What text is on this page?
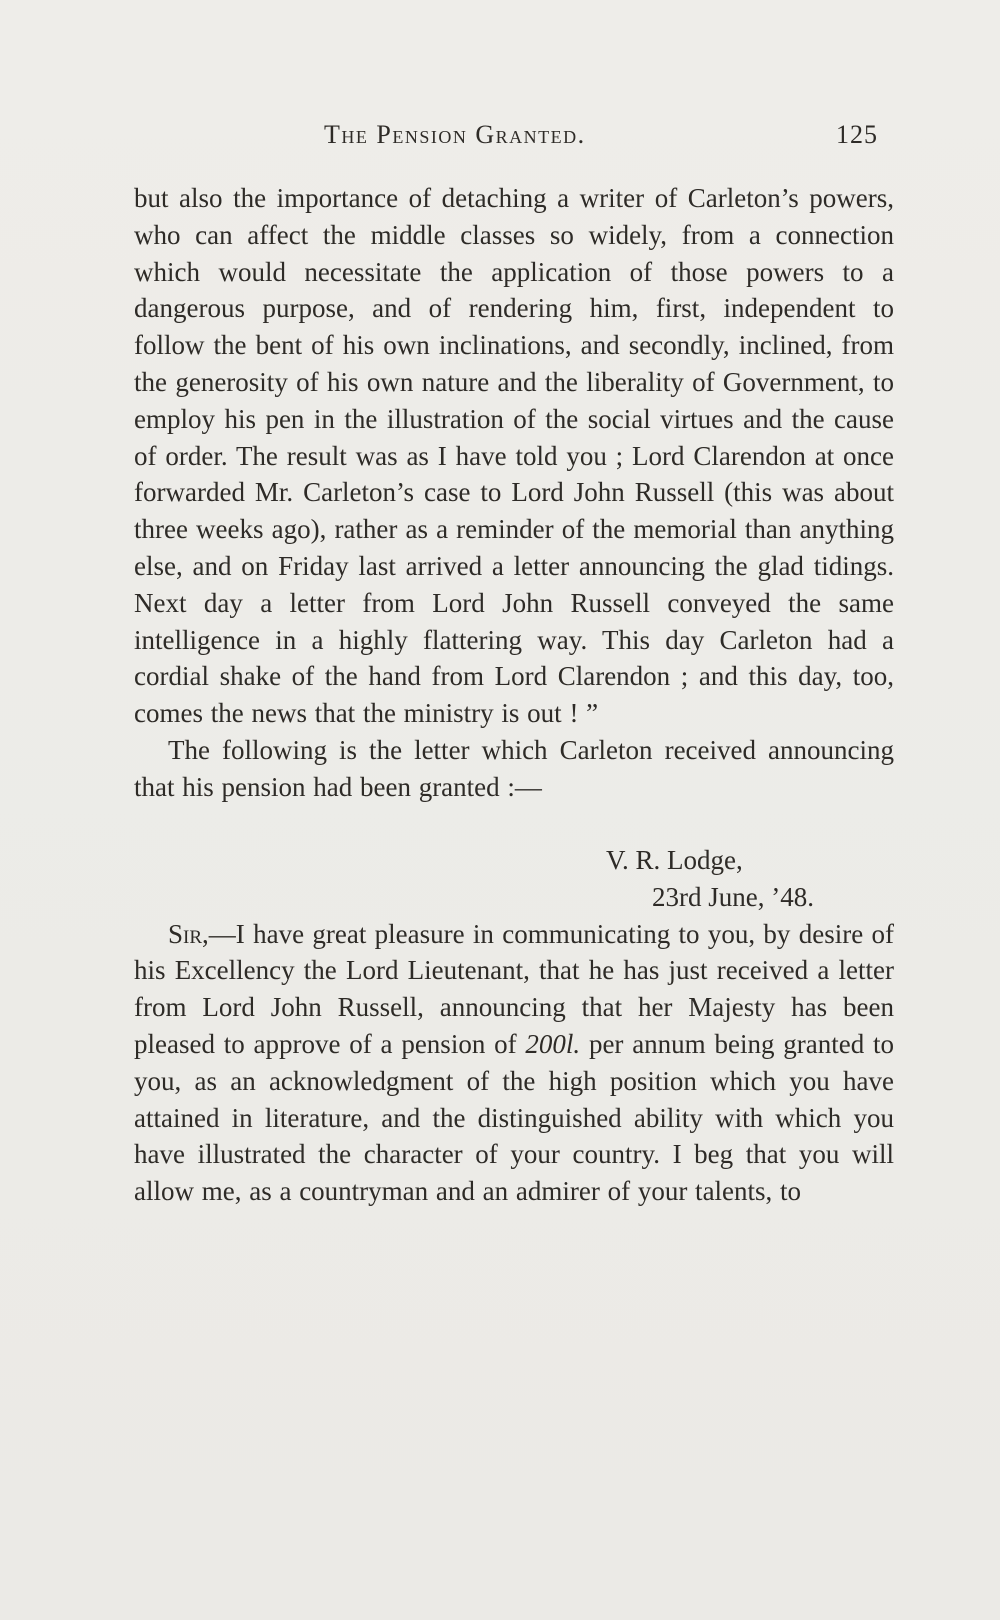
The Pension Granted.	125

but also the importance of detaching a writer of Carleton’s powers, who can affect the middle classes so widely, from a connection which would necessitate the application of those powers to a dangerous purpose, and of rendering him, first, independent to follow the bent of his own inclinations, and secondly, inclined, from the generosity of his own nature and the liberality of Government, to employ his pen in the illustration of the social virtues and the cause of order. The result was as I have told you ; Lord Clarendon at once forwarded Mr. Carleton’s case to Lord John Russell (this was about three weeks ago), rather as a reminder of the memorial than anything else, and on Friday last arrived a letter announcing the glad tidings. Next day a letter from Lord John Russell conveyed the same intelligence in a highly flattering way. This day Carleton had a cordial shake of the hand from Lord Clarendon ; and this day, too, comes the news that the ministry is out ! ”

The following is the letter which Carleton received announcing that his pension had been granted :—

V. R. Lodge,
23rd June, ’48.

Sir,—I have great pleasure in communicating to you, by desire of his Excellency the Lord Lieutenant, that he has just received a letter from Lord John Russell, announcing that her Majesty has been pleased to approve of a pension of 200l. per annum being granted to you, as an acknowledgment of the high position which you have attained in literature, and the distinguished ability with which you have illustrated the character of your country. I beg that you will allow me, as a countryman and an admirer of your talents, to
